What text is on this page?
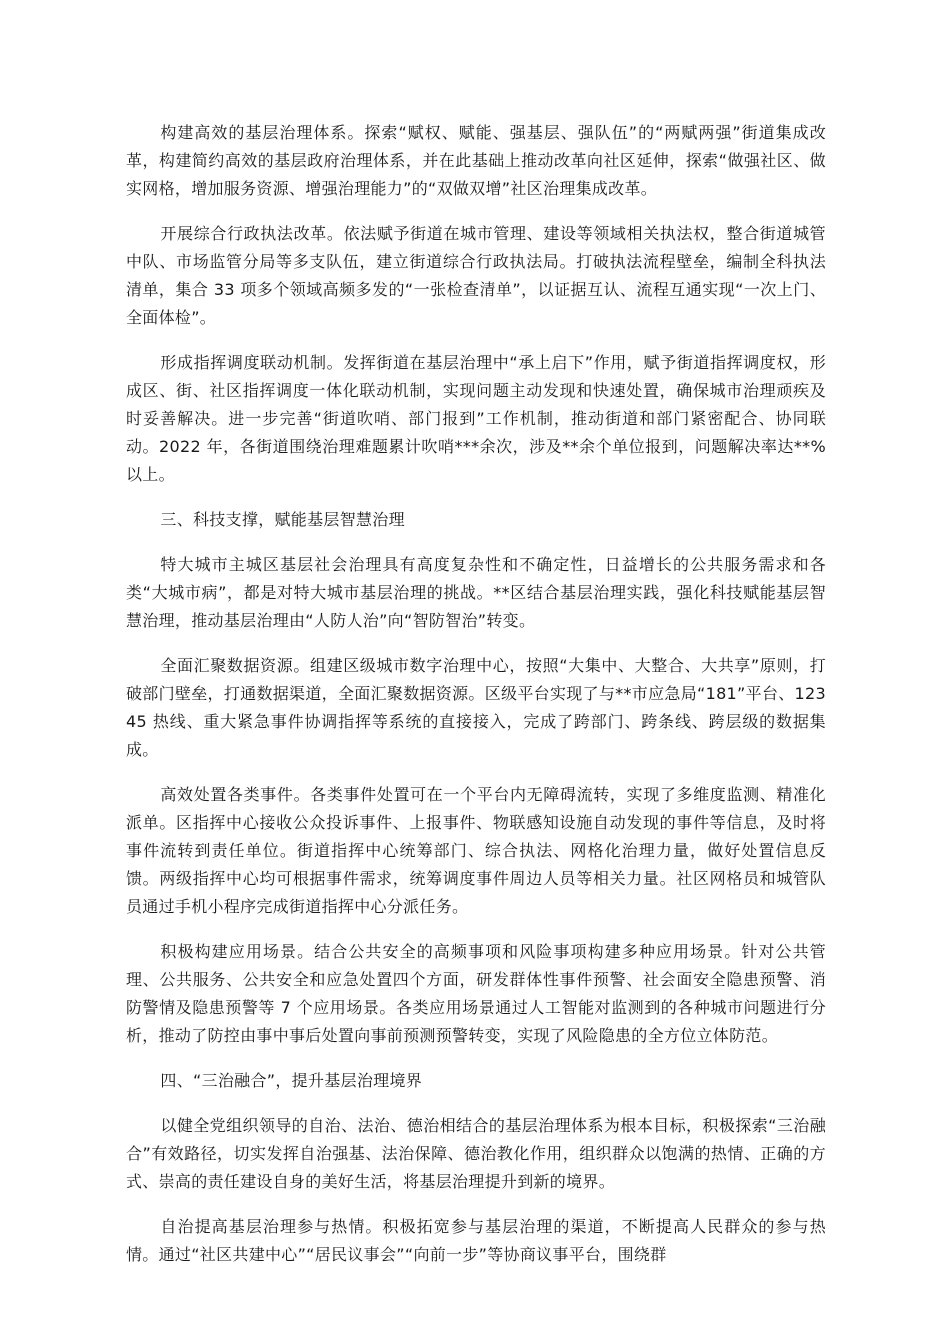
构建高效的基层治理体系。探索“赋权、赋能、强基层、强队伍”的“两赋两强”街道集成改革，构建简约高效的基层政府治理体系，并在此基础上推动改革向社区延伸，探索“做强社区、做实网格，增加服务资源、增强治理能力”的“双做双增”社区治理集成改革。

开展综合行政执法改革。依法赋予街道在城市管理、建设等领域相关执法权，整合街道城管中队、市场监管分局等多支队伍，建立街道综合行政执法局。打破执法流程壁垒，编制全科执法清单，集合 33 项多个领域高频多发的“一张检查清单”，以证据互认、流程互通实现“一次上门、全面体检”。

形成指挥调度联动机制。发挥街道在基层治理中“承上启下”作用，赋予街道指挥调度权，形成区、街、社区指挥调度一体化联动机制，实现问题主动发现和快速处置，确保城市治理顽疾及时妥善解决。进一步完善“街道吹哨、部门报到”工作机制，推动街道和部门紧密配合、协同联动。2022 年，各街道围绕治理难题累计吹哨***余次，涉及**余个单位报到，问题解决率达**%以上。

三、科技支撑，赋能基层智慧治理

特大城市主城区基层社会治理具有高度复杂性和不确定性，日益增长的公共服务需求和各类“大城市病”，都是对特大城市基层治理的挑战。**区结合基层治理实践，强化科技赋能基层智慧治理，推动基层治理由“人防人治”向“智防智治”转变。

全面汇聚数据资源。组建区级城市数字治理中心，按照“大集中、大整合、大共享”原则，打破部门壁垒，打通数据渠道，全面汇聚数据资源。区级平台实现了与**市应急局“181”平台、12345 热线、重大紧急事件协调指挥等系统的直接接入，完成了跨部门、跨条线、跨层级的数据集成。

高效处置各类事件。各类事件处置可在一个平台内无障碍流转，实现了多维度监测、精准化派单。区指挥中心接收公众投诉事件、上报事件、物联感知设施自动发现的事件等信息，及时将事件流转到责任单位。街道指挥中心统筹部门、综合执法、网格化治理力量，做好处置信息反馈。两级指挥中心均可根据事件需求，统筹调度事件周边人员等相关力量。社区网格员和城管队员通过手机小程序完成街道指挥中心分派任务。

积极构建应用场景。结合公共安全的高频事项和风险事项构建多种应用场景。针对公共管理、公共服务、公共安全和应急处置四个方面，研发群体性事件预警、社会面安全隐患预警、消防警情及隐患预警等 7 个应用场景。各类应用场景通过人工智能对监测到的各种城市问题进行分析，推动了防控由事中事后处置向事前预测预警转变，实现了风险隐患的全方位立体防范。

四、“三治融合”，提升基层治理境界

以健全党组织领导的自治、法治、德治相结合的基层治理体系为根本目标，积极探索“三治融合”有效路径，切实发挥自治强基、法治保障、德治教化作用，组织群众以饱满的热情、正确的方式、崇高的责任建设自身的美好生活，将基层治理提升到新的境界。

自治提高基层治理参与热情。积极拓宽参与基层治理的渠道，不断提高人民群众的参与热情。通过“社区共建中心”“居民议事会”“向前一步”等协商议事平台，围绕群
